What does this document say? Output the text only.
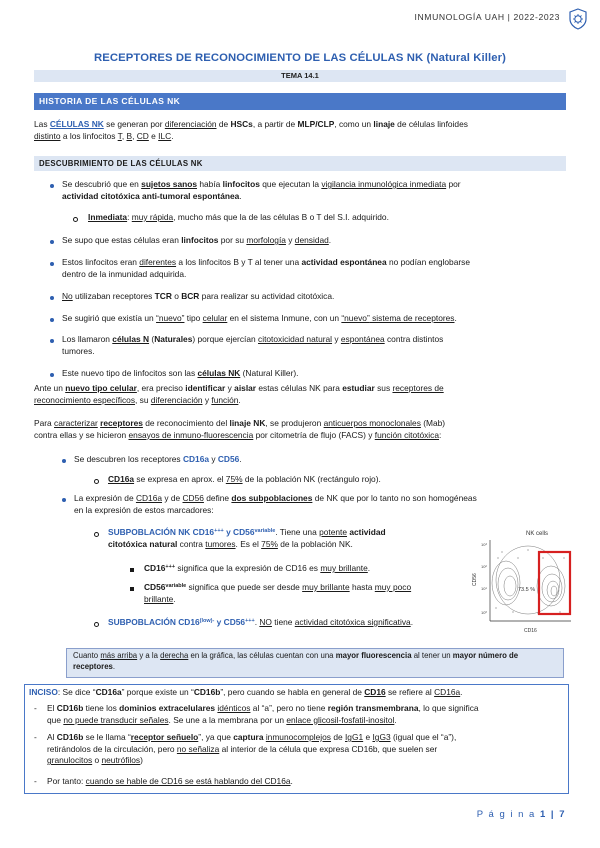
INMUNOLOGÍA UAH | 2022-2023
RECEPTORES DE RECONOCIMIENTO DE LAS CÉLULAS NK (Natural Killer)
TEMA 14.1
HISTORIA DE LAS CÉLULAS NK
Las CÉLULAS NK se generan por diferenciación de HSCs, a partir de MLP/CLP, como un linaje de células linfoides
distinto a los linfocitos T, B, CD e ILC.
DESCUBRIMIENTO DE LAS CÉLULAS NK
Se descubrió que en sujetos sanos había linfocitos que ejecutan la vigilancia inmunológica inmediata por
actividad citotóxica anti-tumoral espontánea.
Inmediata: muy rápida, mucho más que la de las células B o T del S.I. adquirido.
Se supo que estas células eran linfocitos por su morfología y densidad.
Estos linfocitos eran diferentes a los linfocitos B y T al tener una actividad espontánea no podían englobarse
dentro de la inmunidad adquirida.
No utilizaban receptores TCR o BCR para realizar su actividad citotóxica.
Se sugirió que existía un “nuevo” tipo celular en el sistema Inmune, con un “nuevo” sistema de receptores.
Los llamaron células N (Naturales) porque ejercían citotoxicidad natural y espontánea contra distintos
tumores.
Este nuevo tipo de linfocitos son las células NK (Natural Killer).
Ante un nuevo tipo celular, era preciso identificar y aislar estas células NK para estudiar sus receptores de
reconocimiento específicos, su diferenciación y función.
Para caracterizar receptores de reconocimiento del linaje NK, se produjeron anticuerpos monoclonales (Mab)
contra ellas y se hicieron ensayos de inmuno-fluorescencia por citometría de flujo (FACS) y función citotóxica:
Se descubren los receptores CD16a y CD56.
CD16a se expresa en aprox. el 75% de la población NK (rectángulo rojo).
La expresión de CD16a y de CD56 define dos subpoblaciones de NK que por lo tanto no son homogéneas
en la expresión de estos marcadores:
SUBPOBLACIÓN NK CD16+++ y $CD56^{variable}$. Tiene una potente actividad
citotóxica natural contra tumores. Es el 75% de la población NK.
CD16+++ significa que la expresión de CD16 es muy brillante.
$CD56^{variable}$ significa que puede ser desde muy brillante hasta muy poco
brillante.
SUBPOBLACIÓN $CD16^{(low)-}$ y CD56+++. NO tiene actividad citotóxica significativa.
NK cells
10³
10²
10¹
10⁰
CD56
CD16
73.5 %
Cuanto más arriba y a la derecha en la gráfica, las células cuentan con una mayor fluorescencia al tener un mayor número de
receptores.
INCISO: Se dice “CD16a” porque existe un “CD16b”, pero cuando se habla en general de CD16 se refiere al CD16a.
- El CD16b tiene los dominios extracelulares idénticos al “a”, pero no tiene región transmembrana, lo que significa
que no puede transducir señales. Se une a la membrana por un enlace glicosil-fosfatil-inositol.
- Al CD16b se le llama “receptor señuelo”, ya que captura inmunocomplejos de IgG1 e IgG3 (igual que el “a”),
retirándolos de la circulación, pero no señaliza al interior de la célula que expresa CD16b, que suelen ser
granulocitos o neutrófilos)
- Por tanto: cuando se hable de CD16 se está hablando del CD16a.
P á g i n a 1 | 7
